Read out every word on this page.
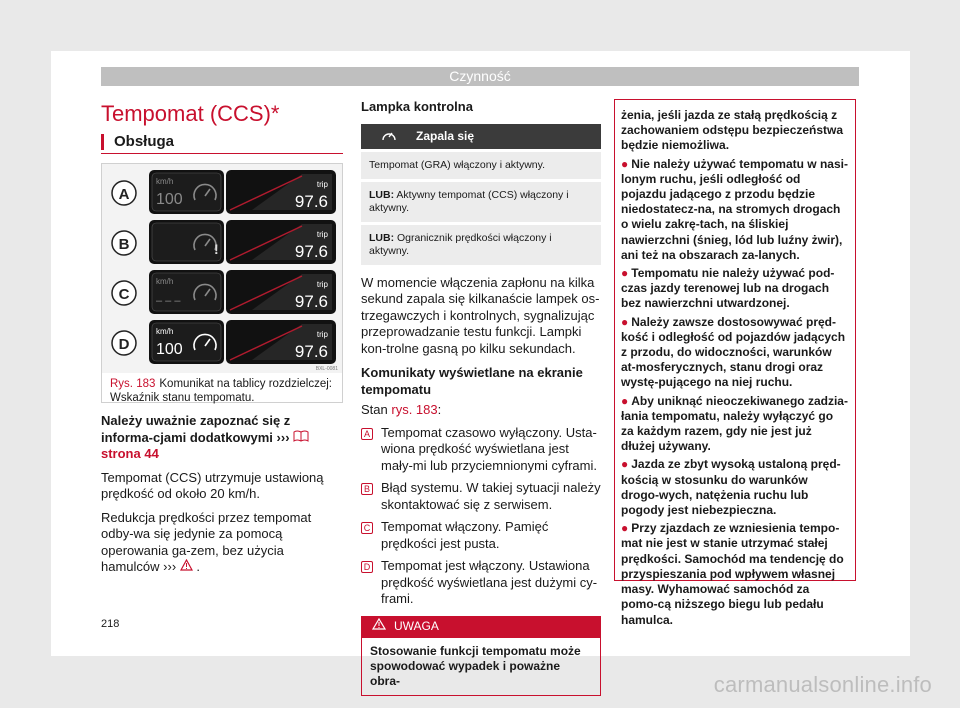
Czynność
Tempomat (CCS)*
Obsługa
A
km/h
100
trip
97.6
B	!
trip
97.6
C
km/h
– – –
trip
97.6
D
km/h
100
trip
97.6
BXL-0081
Rys. 183 Komunikat na tablicy rozdzielczej: Wskaźnik stanu tempomatu.

Należy uważnie zapoznać się z informa-cjami dodatkowymi ›››  strona 44

Tempomat (CCS) utrzymuje ustawioną prędkość od około 20 km/h.

Redukcja prędkości przez tempomat odby-wa się jedynie za pomocą operowania ga-zem, bez użycia hamulców ››› .

Lampka kontrolna
Zapala się
Tempomat (GRA) włączony i aktywny.
LUB: Aktywny tempomat (CCS) włączony i aktywny.
LUB: Ogranicznik prędkości włączony i aktywny.

W momencie włączenia zapłonu na kilka sekund zapala się kilkanaście lampek os-trzegawczych i kontrolnych, sygnalizując przeprowadzanie testu funkcji. Lampki kon-trolne gasną po kilku sekundach.

Komunikaty wyświetlane na ekranie tempomatu

Stan rys. 183:

A Tempomat czasowo wyłączony. Usta-wiona prędkość wyświetlana jest mały-mi lub przyciemnionymi cyframi.
B Błąd systemu. W takiej sytuacji należy skontaktować się z serwisem.
C Tempomat włączony. Pamięć prędkości jest pusta.
D Tempomat jest włączony. Ustawiona prędkość wyświetlana jest dużymi cy-frami.
UWAGA
Stosowanie funkcji tempomatu może spowodować wypadek i poważne obra-

żenia, jeśli jazda ze stałą prędkością z zachowaniem odstępu bezpieczeństwa będzie niemożliwa.

● Nie należy używać tempomatu w nasi-lonym ruchu, jeśli odległość od pojazdu jadącego z przodu będzie niedostatecz-na, na stromych drogach o wielu zakrę-tach, na śliskiej nawierzchni (śnieg, lód lub luźny żwir), ani też na obszarach za-lanych.

● Tempomatu nie należy używać pod-czas jazdy terenowej lub na drogach bez nawierzchni utwardzonej.

● Należy zawsze dostosowywać pręd-kość i odległość od pojazdów jadących z przodu, do widoczności, warunków at-mosferycznych, stanu drogi oraz wystę-pującego na niej ruchu.

● Aby uniknąć nieoczekiwanego zadzia-łania tempomatu, należy wyłączyć go za każdym razem, gdy nie jest już dłużej używany.

● Jazda ze zbyt wysoką ustaloną pręd-kością w stosunku do warunków drogo-wych, natężenia ruchu lub pogody jest niebezpieczna.

● Przy zjazdach ze wzniesienia tempo-mat nie jest w stanie utrzymać stałej prędkości. Samochód ma tendencję do przyspieszania pod wpływem własnej masy. Wyhamować samochód za pomo-cą niższego biegu lub pedału hamulca.

218
carmanualsonline.info
